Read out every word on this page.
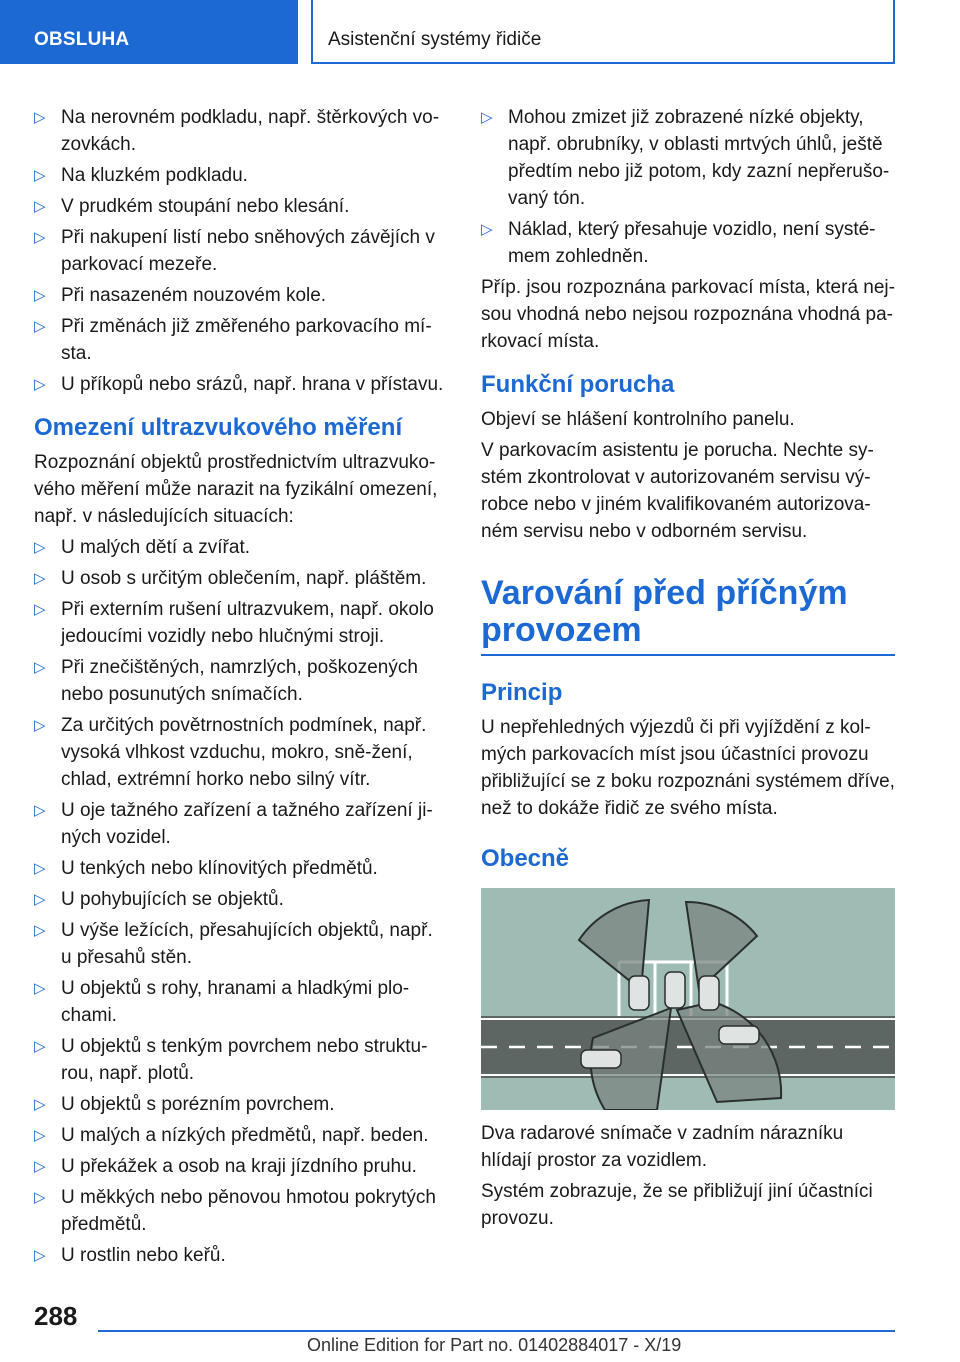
OBSLUHA	Asistenční systémy řidiče
▷ Na nerovném podkladu, např. štěrkových vo-zovkách.
▷ Na kluzkém podkladu.
▷ V prudkém stoupání nebo klesání.
▷ Při nakupení listí nebo sněhových závějích v parkovací mezeře.
▷ Při nasazeném nouzovém kole.
▷ Při změnách již změřeného parkovacího mí-sta.
▷ U příkopů nebo srázů, např. hrana v přístavu.
Omezení ultrazvukového měření

Rozpoznání objektů prostřednictvím ultrazvuko-vého měření může narazit na fyzikální omezení, např. v následujících situacích:

▷ U malých dětí a zvířat.
▷ U osob s určitým oblečením, např. pláštěm.
▷ Při externím rušení ultrazvukem, např. okolo jedoucími vozidly nebo hlučnými stroji.
▷ Při znečištěných, namrzlých, poškozených nebo posunutých snímačích.
▷ Za určitých povětrnostních podmínek, např. vysoká vlhkost vzduchu, mokro, sně-žení, chlad, extrémní horko nebo silný vítr.
▷ U oje tažného zařízení a tažného zařízení ji-ných vozidel.
▷ U tenkých nebo klínovitých předmětů.
▷ U pohybujících se objektů.
▷ U výše ležících, přesahujících objektů, např. u přesahů stěn.
▷ U objektů s rohy, hranami a hladkými plo-chami.
▷ U objektů s tenkým povrchem nebo struktu-rou, např. plotů.
▷ U objektů s porézním povrchem.
▷ U malých a nízkých předmětů, např. beden.
▷ U překážek a osob na kraji jízdního pruhu.
▷ U měkkých nebo pěnovou hmotou pokrytých předmětů.
▷ U rostlin nebo keřů.
▷ Mohou zmizet již zobrazené nízké objekty, např. obrubníky, v oblasti mrtvých úhlů, ještě předtím nebo již potom, kdy zazní nepřerušo-vaný tón.
▷ Náklad, který přesahuje vozidlo, není systé-mem zohledněn.

Příp. jsou rozpoznána parkovací místa, která nej-sou vhodná nebo nejsou rozpoznána vhodná pa-rkovací místa.

Funkční porucha

Objeví se hlášení kontrolního panelu.

V parkovacím asistentu je porucha. Nechte sy-stém zkontrolovat v autorizovaném servisu vý-robce nebo v jiném kvalifikovaném autorizova-ném servisu nebo v odborném servisu.

Varování před příčným provozem
Princip

U nepřehledných výjezdů či při vyjíždění z kol-mých parkovacích míst jsou účastníci provozu přibližující se z boku rozpoznáni systémem dříve, než to dokáže řidič ze svého místa.

Obecně

Dva radarové snímače v zadním nárazníku hlídají prostor za vozidlem.

Systém zobrazuje, že se přibližují jiní účastníci provozu.

288
Online Edition for Part no. 01402884017 - X/19
